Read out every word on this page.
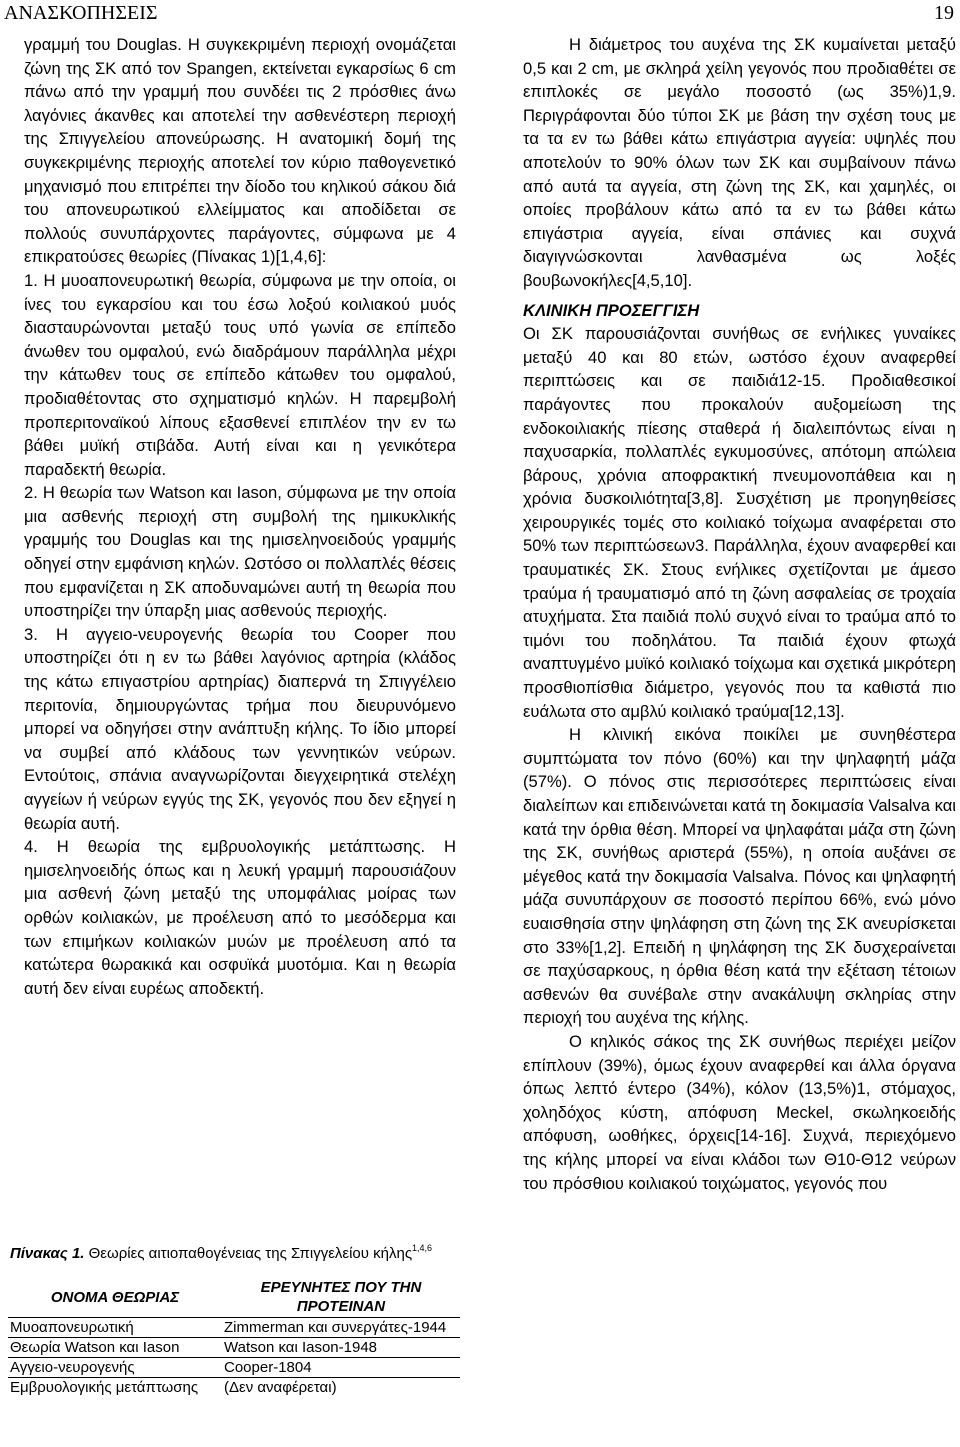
ΑΝΑΣΚΟΠΗΣΕΙΣ	19

γραμμή του Douglas. Η συγκεκριμένη περιοχή ονομάζεται ζώνη της ΣΚ από τον Spangen, εκτείνεται εγκαρσίως 6 cm πάνω από την γραμμή που συνδέει τις 2 πρόσθιες άνω λαγόνιες άκανθες και αποτελεί την ασθενέστερη περιοχή της Σπιγγελείου απονεύρωσης. Η ανατομική δομή της συγκεκριμένης περιοχής αποτελεί τον κύριο παθογενετικό μηχανισμό που επιτρέπει την δίοδο του κηλικού σάκου διά του απονευρωτικού ελλείμματος και αποδίδεται σε πολλούς συνυπάρχοντες παράγοντες, σύμφωνα με 4 επικρατούσες θεωρίες (Πίνακας 1)[1,4,6]:

1. Η μυοαπονευρωτική θεωρία, σύμφωνα με την οποία, οι ίνες του εγκαρσίου και του έσω λοξού κοιλιακού μυός διασταυρώνονται μεταξύ τους υπό γωνία σε επίπεδο άνωθεν του ομφαλού, ενώ διαδράμουν παράλληλα μέχρι την κάτωθεν τους σε επίπεδο κάτωθεν του ομφαλού, προδιαθέτοντας στο σχηματισμό κηλών. Η παρεμβολή προπεριτοναϊκού λίπους εξασθενεί επιπλέον την εν τω βάθει μυϊκή στιβάδα. Αυτή είναι και η γενικότερα παραδεκτή θεωρία.

2. Η θεωρία των Watson και Iason, σύμφωνα με την οποία μια ασθενής περιοχή στη συμβολή της ημικυκλικής γραμμής του Douglas και της ημισεληνοειδούς γραμμής οδηγεί στην εμφάνιση κηλών. Ωστόσο οι πολλαπλές θέσεις που εμφανίζεται η ΣΚ αποδυναμώνει αυτή τη θεωρία που υποστηρίζει την ύπαρξη μιας ασθενούς περιοχής.

3. Η αγγειο-νευρογενής θεωρία του Cooper που υποστηρίζει ότι η εν τω βάθει λαγόνιος αρτηρία (κλάδος της κάτω επιγαστρίου αρτηρίας) διαπερνά τη Σπιγγέλειο περιτονία, δημιουργώντας τρήμα που διευρυνόμενο μπορεί να οδηγήσει στην ανάπτυξη κήλης. Το ίδιο μπορεί να συμβεί από κλάδους των γεννητικών νεύρων. Εντούτοις, σπάνια αναγνωρίζονται διεγχειρητικά στελέχη αγγείων ή νεύρων εγγύς της ΣΚ, γεγονός που δεν εξηγεί η θεωρία αυτή.

4. Η θεωρία της εμβρυολογικής μετάπτωσης. Η ημισεληνοειδής όπως και η λευκή γραμμή παρουσιάζουν μια ασθενή ζώνη μεταξύ της υπομφάλιας μοίρας των ορθών κοιλιακών, με προέλευση από το μεσόδερμα και των επιμήκων κοιλιακών μυών με προέλευση από τα κατώτερα θωρακικά και οσφυϊκά μυοτόμια. Και η θεωρία αυτή δεν είναι ευρέως αποδεκτή.

Πίνακας 1. Θεωρίες αιτιοπαθογένειας της Σπιγγελείου κήλης$^{1,4,6}$
ΟΝΟΜΑ ΘΕΩΡΙΑΣ	ΕΡΕΥΝΗΤΕΣ ΠΟΥ ΤΗΝ ΠΡΟΤΕΙΝΑΝ
Μυοαπονευρωτική	Zimmerman και συνεργάτες-1944
Θεωρία Watson και Iason	Watson και Iason-1948
Αγγειο-νευρογενής	Cooper-1804
Εμβρυολογικής μετάπτωσης	(Δεν αναφέρεται)

Η διάμετρος του αυχένα της ΣΚ κυμαίνεται μεταξύ 0,5 και 2 cm, με σκληρά χείλη γεγονός που προδιαθέτει σε επιπλοκές σε μεγάλο ποσοστό (ως 35%)1,9. Περιγράφονται δύο τύποι ΣΚ με βάση την σχέση τους με τα τα εν τω βάθει κάτω επιγάστρια αγγεία: υψηλές που αποτελούν το 90% όλων των ΣΚ και συμβαίνουν πάνω από αυτά τα αγγεία, στη ζώνη της ΣΚ, και χαμηλές, οι οποίες προβάλουν κάτω από τα εν τω βάθει κάτω επιγάστρια αγγεία, είναι σπάνιες και συχνά διαγιγνώσκονται λανθασμένα ως λοξές βουβωνοκήλες[4,5,10].

ΚΛΙΝΙΚΗ ΠΡΟΣΕΓΓΙΣΗ

Οι ΣΚ παρουσιάζονται συνήθως σε ενήλικες γυναίκες μεταξύ 40 και 80 ετών, ωστόσο έχουν αναφερθεί περιπτώσεις και σε παιδιά12-15. Προδιαθεσικοί παράγοντες που προκαλούν αυξομείωση της ενδοκοιλιακής πίεσης σταθερά ή διαλειπόντως είναι η παχυσαρκία, πολλαπλές εγκυμοσύνες, απότομη απώλεια βάρους, χρόνια αποφρακτική πνευμονοπάθεια και η χρόνια δυσκοιλιότητα[3,8]. Συσχέτιση με προηγηθείσες χειρουργικές τομές στο κοιλιακό τοίχωμα αναφέρεται στο 50% των περιπτώσεων3. Παράλληλα, έχουν αναφερθεί και τραυματικές ΣΚ. Στους ενήλικες σχετίζονται με άμεσο τραύμα ή τραυματισμό από τη ζώνη ασφαλείας σε τροχαία ατυχήματα. Στα παιδιά πολύ συχνό είναι το τραύμα από το τιμόνι του ποδηλάτου. Τα παιδιά έχουν φτωχά αναπτυγμένο μυϊκό κοιλιακό τοίχωμα και σχετικά μικρότερη προσθιοπίσθια διάμετρο, γεγονός που τα καθιστά πιο ευάλωτα στο αμβλύ κοιλιακό τραύμα[12,13].

Η κλινική εικόνα ποικίλει με συνηθέστερα συμπτώματα τον πόνο (60%) και την ψηλαφητή μάζα (57%). Ο πόνος στις περισσότερες περιπτώσεις είναι διαλείπων και επιδεινώνεται κατά τη δοκιμασία Valsalva και κατά την όρθια θέση. Μπορεί να ψηλαφάται μάζα στη ζώνη της ΣΚ, συνήθως αριστερά (55%), η οποία αυξάνει σε μέγεθος κατά την δοκιμασία Valsalva. Πόνος και ψηλαφητή μάζα συνυπάρχουν σε ποσοστό περίπου 66%, ενώ μόνο ευαισθησία στην ψηλάφηση στη ζώνη της ΣΚ ανευρίσκεται στο 33%[1,2]. Επειδή η ψηλάφηση της ΣΚ δυσχεραίνεται σε παχύσαρκους, η όρθια θέση κατά την εξέταση τέτοιων ασθενών θα συνέβαλε στην ανακάλυψη σκληρίας στην περιοχή του αυχένα της κήλης.

Ο κηλικός σάκος της ΣΚ συνήθως περιέχει μείζον επίπλουν (39%), όμως έχουν αναφερθεί και άλλα όργανα όπως λεπτό έντερο (34%), κόλον (13,5%)1, στόμαχος, χοληδόχος κύστη, απόφυση Meckel, σκωληκοειδής απόφυση, ωοθήκες, όρχεις[14-16]. Συχνά, περιεχόμενο της κήλης μπορεί να είναι κλάδοι των Θ10-Θ12 νεύρων του πρόσθιου κοιλιακού τοιχώματος, γεγονός που
